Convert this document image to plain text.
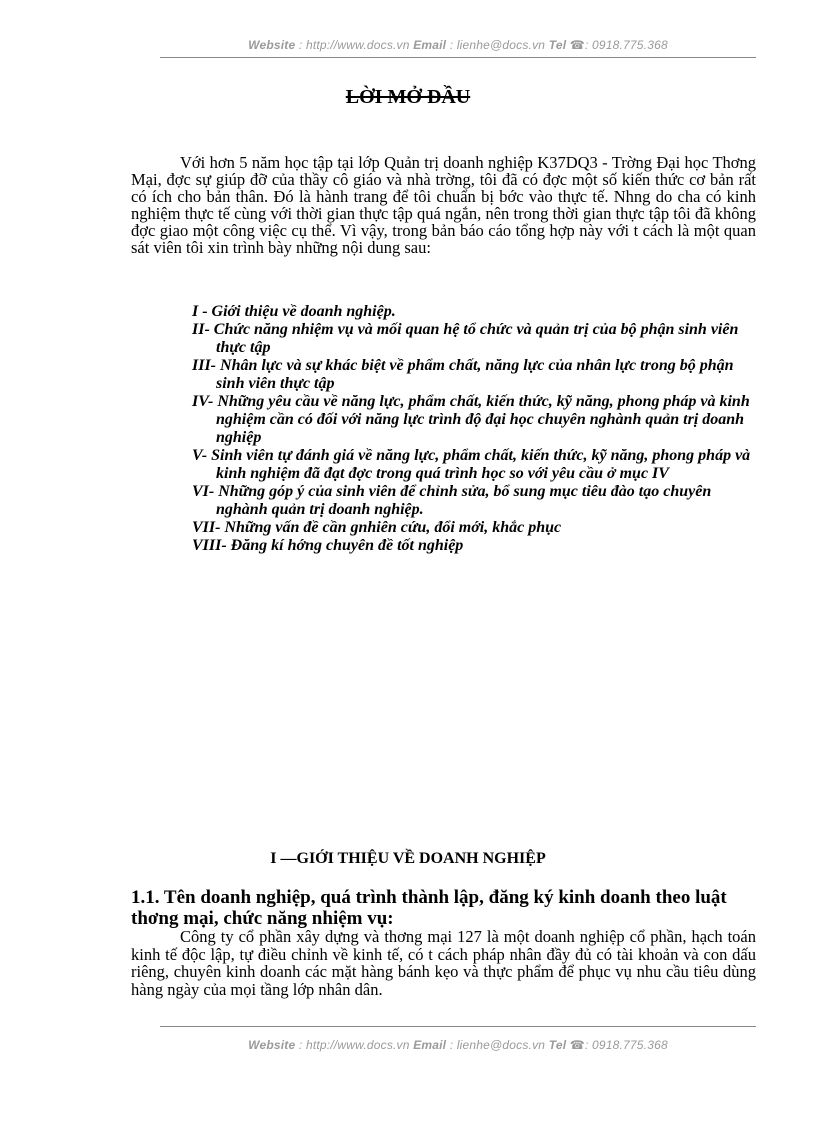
Website : http://www.docs.vn Email : lienhe@docs.vn Tel ☎: 0918.775.368
LỜI MỞ ĐẦU

Với hơn 5 năm học tập tại lớp Quản trị doanh nghiệp K37DQ3 - Trờng Đại học Thơng Mại, đợc sự giúp đỡ của thầy cô giáo và nhà trờng, tôi đã có đợc một số kiến thức cơ bản rất có ích cho bản thân. Đó là hành trang để tôi chuẩn bị bớc vào thực tế. Nhng do cha có kinh nghiệm thực tế cùng với thời gian thực tập quá ngắn, nên trong thời gian thực tập tôi đã không đợc giao một công việc cụ thể. Vì vậy, trong bản báo cáo tổng hợp này với t cách là một quan sát viên tôi xin trình bày những nội dung sau:

I - Giới thiệu về doanh nghiệp.
II- Chức năng nhiệm vụ và mối quan hệ tổ chức và quản trị của bộ phận sinh viên thực tập
III- Nhân lực và sự khác biệt về phẩm chất, năng lực của nhân lực trong bộ phận sinh viên thực tập
IV- Những yêu cầu về năng lực, phẩm chất, kiến thức, kỹ năng, phong pháp và kinh nghiệm cần có đối với năng lực trình độ đại học chuyên nghành quản trị doanh nghiệp
V- Sinh viên tự đánh giá về năng lực, phẩm chất, kiến thức, kỹ năng, phong pháp và kinh nghiệm đã đạt đợc trong quá trình học so với yêu cầu ở mục IV
VI- Những góp ý của sinh viên để chỉnh sửa, bổ sung mục tiêu đào tạo chuyên nghành quản trị doanh nghiệp.
VII- Những vấn đề cần gnhiên cứu, đổi mới, khắc phục
VIII- Đăng kí hớng chuyên đề tốt nghiệp
I —GIỚI THIỆU VỀ DOANH NGHIỆP
1.1. Tên doanh nghiệp, quá trình thành lập, đăng ký kinh doanh theo luật thơng mại, chức năng nhiệm vụ:

Công ty cổ phần xây dựng và thơng mại 127 là một doanh nghiệp cổ phần, hạch toán kinh tế độc lập, tự điều chỉnh về kinh tế, có t cách pháp nhân đầy đủ có tài khoản và con dấu riêng, chuyên kinh doanh các mặt hàng bánh kẹo và thực phẩm để phục vụ nhu cầu tiêu dùng hàng ngày của mọi tầng lớp nhân dân.

Website : http://www.docs.vn Email : lienhe@docs.vn Tel ☎: 0918.775.368
